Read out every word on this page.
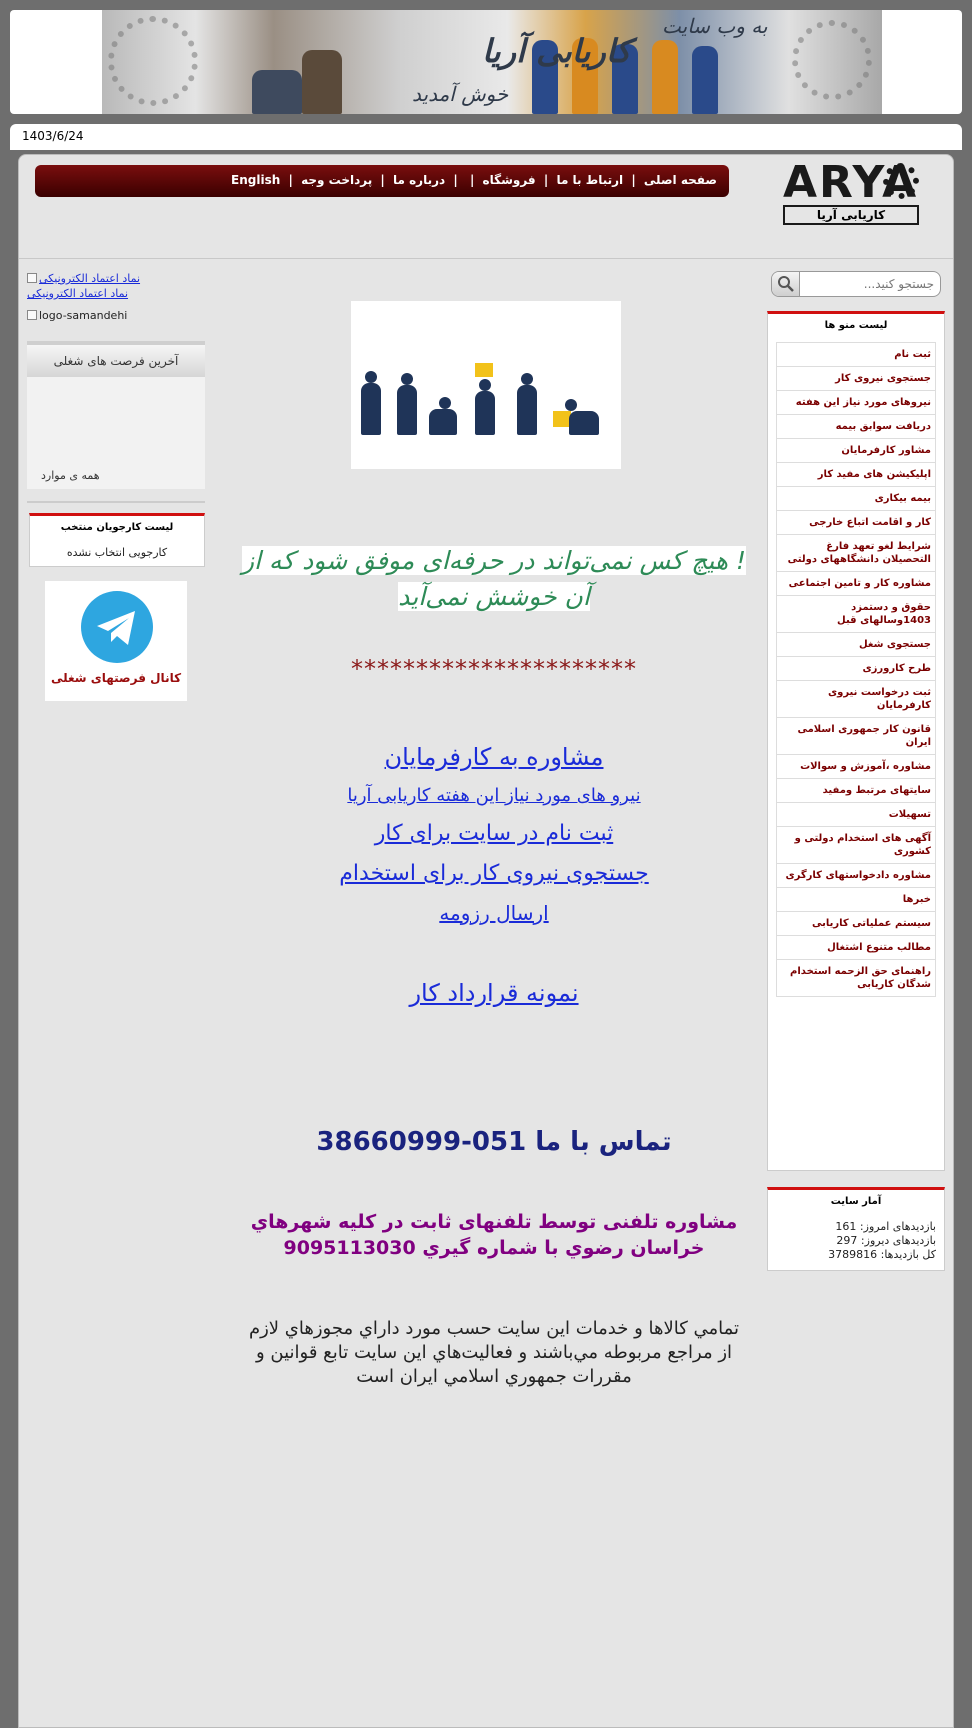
به وب سایت
کاریابی آریا
خوش آمدید
1403/6/24
ARYA
کاریابی آریا
صفحه اصلی | ارتباط با ما | فروشگاه | | درباره ما | پرداخت وجه | English
جستجو کنید...
لیست منو ها
ثبت نام
جستجوی نیروی کار
نیروهای مورد نیاز این هفته
دریافت سوابق بیمه
مشاور کارفرمایان
اپلیکیشن های مفید کار
بیمه بیکاری
کار و اقامت اتباع خارجی
شرایط لغو تعهد فارغ التحصیلان دانشگاههای دولتی
مشاوره کار و تامین اجتماعی
حقوق و دستمزد 1403وسالهای قبل
جستجوی شغل
طرح کارورزی
ثبت درخواست نیروی کارفرمایان
قانون کار جمهوری اسلامی ایران
مشاوره ،آموزش و سوالات
سایتهای مرتبط ومفید
تسهیلات
آگهی های استخدام دولتی و کشوری
مشاوره دادخواستهای کارگری
خبرها
سیستم عملیاتی کاریابی
مطالب متنوع اشتغال
راهنمای حق الزحمه استخدام شدگان کاریابی
آمار سایت
بازدیدهای امروز: 161
بازدیدهای دیروز: 297
کل بازدیدها: 3789816
نماد اعتماد الکترونیکی
نماد اعتماد الکترونیکی
logo-samandehi
آخرین فرصت های شغلی
همه ی موارد
لیست کارجویان منتخب
کارجویی انتخاب نشده
کانال فرصتهای شغلی
! هیچ کس نمی‌تواند در حرفه‌ای موفق شود که از
آن خوشش نمی‌آید
**********************
مشاوره به کارفرمایان
نیرو های مورد نیاز این هفته کاریابی آریا
ثبت نام در سایت برای کار
جستجوی نیروی کار برای استخدام
ارسال رزومه
نمونه قرارداد کار
تماس با ما 051-38660999
مشاوره تلفنی توسط تلفنهای ثابت در کلیه شهرهاي
خراسان رضوي با شماره گيري 9095113030
تمامي كالاها و خدمات اين سايت حسب مورد داراي مجوزهاي لازم
از مراجع مربوطه مي‌باشند و فعاليت‌هاي اين سايت تابع قوانين و
مقررات جمهوري اسلامي ايران است
